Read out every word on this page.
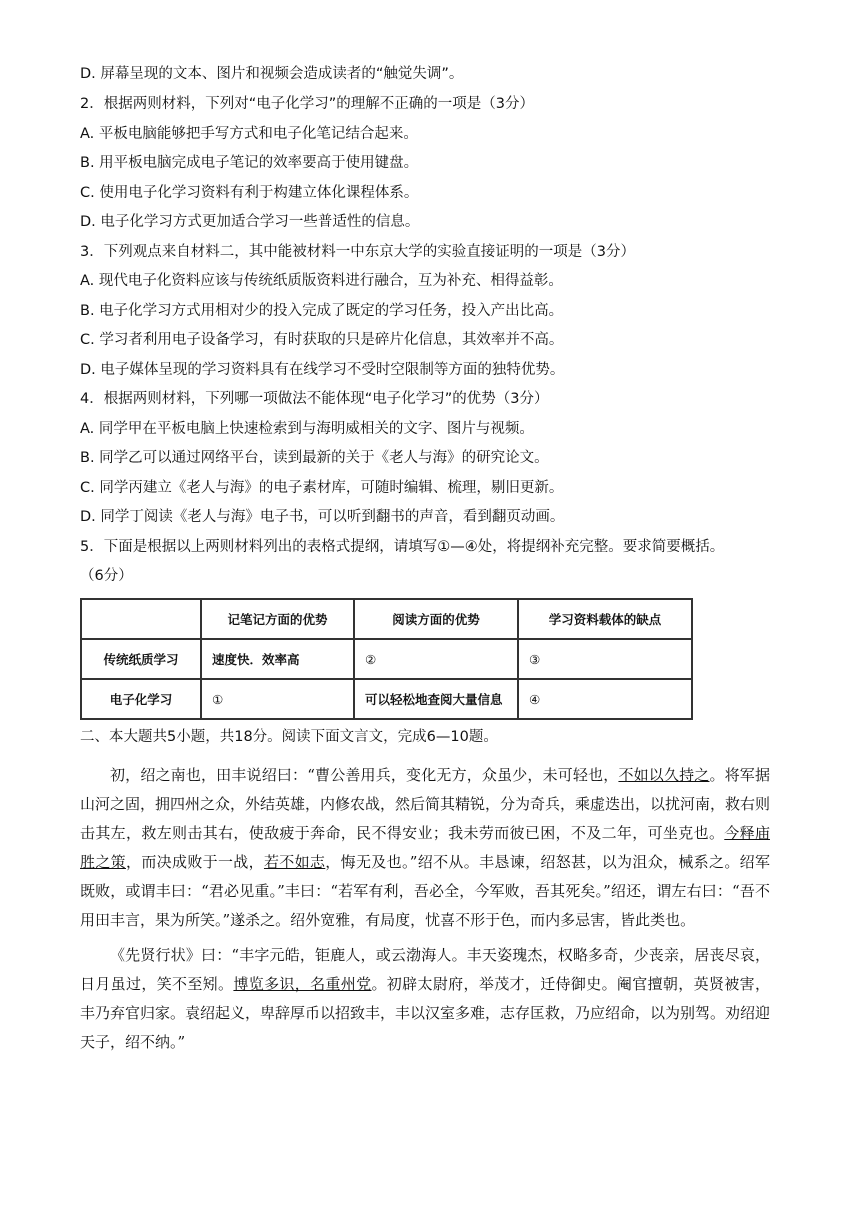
D. 屏幕呈现的文本、图片和视频会造成读者的“触觉失调”。
2．根据两则材料，下列对“电子化学习”的理解不正确的一项是（3分）
A. 平板电脑能够把手写方式和电子化笔记结合起来。
B. 用平板电脑完成电子笔记的效率要高于使用键盘。
C. 使用电子化学习资料有利于构建立体化课程体系。
D. 电子化学习方式更加适合学习一些普适性的信息。
3．下列观点来自材料二，其中能被材料一中东京大学的实验直接证明的一项是（3分）
A. 现代电子化资料应该与传统纸质版资料进行融合，互为补充、相得益彰。
B. 电子化学习方式用相对少的投入完成了既定的学习任务，投入产出比高。
C. 学习者利用电子设备学习，有时获取的只是碎片化信息，其效率并不高。
D. 电子媒体呈现的学习资料具有在线学习不受时空限制等方面的独特优势。
4．根据两则材料，下列哪一项做法不能体现“电子化学习”的优势（3分）
A. 同学甲在平板电脑上快速检索到与海明威相关的文字、图片与视频。
B. 同学乙可以通过网络平台，读到最新的关于《老人与海》的研究论文。
C. 同学丙建立《老人与海》的电子素材库，可随时编辑、梳理，剔旧更新。
D. 同学丁阅读《老人与海》电子书，可以听到翻书的声音，看到翻页动画。
5．下面是根据以上两则材料列出的表格式提纲，请填写①—④处，将提纲补充完整。要求简要概括。
（6分）
	记笔记方面的优势	阅读方面的优势	学习资料载体的缺点
传统纸质学习	速度快．效率高	②	③
电子化学习	①	可以轻松地查阅大量信息	④
二、本大题共5小题，共18分。阅读下面文言文，完成6—10题。
初，绍之南也，田丰说绍曰：“曹公善用兵，变化无方，众虽少，未可轻也，不如以久持之。将军据山河之固，拥四州之众，外结英雄，内修农战，然后简其精锐，分为奇兵，乘虚迭出，以扰河南，救右则击其左，救左则击其右，使敌疲于奔命，民不得安业；我未劳而彼已困，不及二年，可坐克也。今释庙胜之策，而决成败于一战，若不如志，悔无及也。”绍不从。丰恳谏，绍怒甚，以为沮众，械系之。绍军既败，或谓丰曰：“君必见重。”丰曰：“若军有利，吾必全，今军败，吾其死矣。”绍还，谓左右曰：“吾不用田丰言，果为所笑。”遂杀之。绍外宽雅，有局度，忧喜不形于色，而内多忌害，皆此类也。
《先贤行状》曰：“丰字元皓，钜鹿人，或云渤海人。丰天姿瑰杰，权略多奇，少丧亲，居丧尽哀，日月虽过，笑不至矧。博览多识，名重州党。初辟太尉府，举茂才，迁侍御史。阉官擅朝，英贤被害，丰乃弃官归家。袁绍起义，卑辞厚币以招致丰，丰以汉室多难，志存匡救，乃应绍命，以为别驾。劝绍迎天子，绍不纳。”
